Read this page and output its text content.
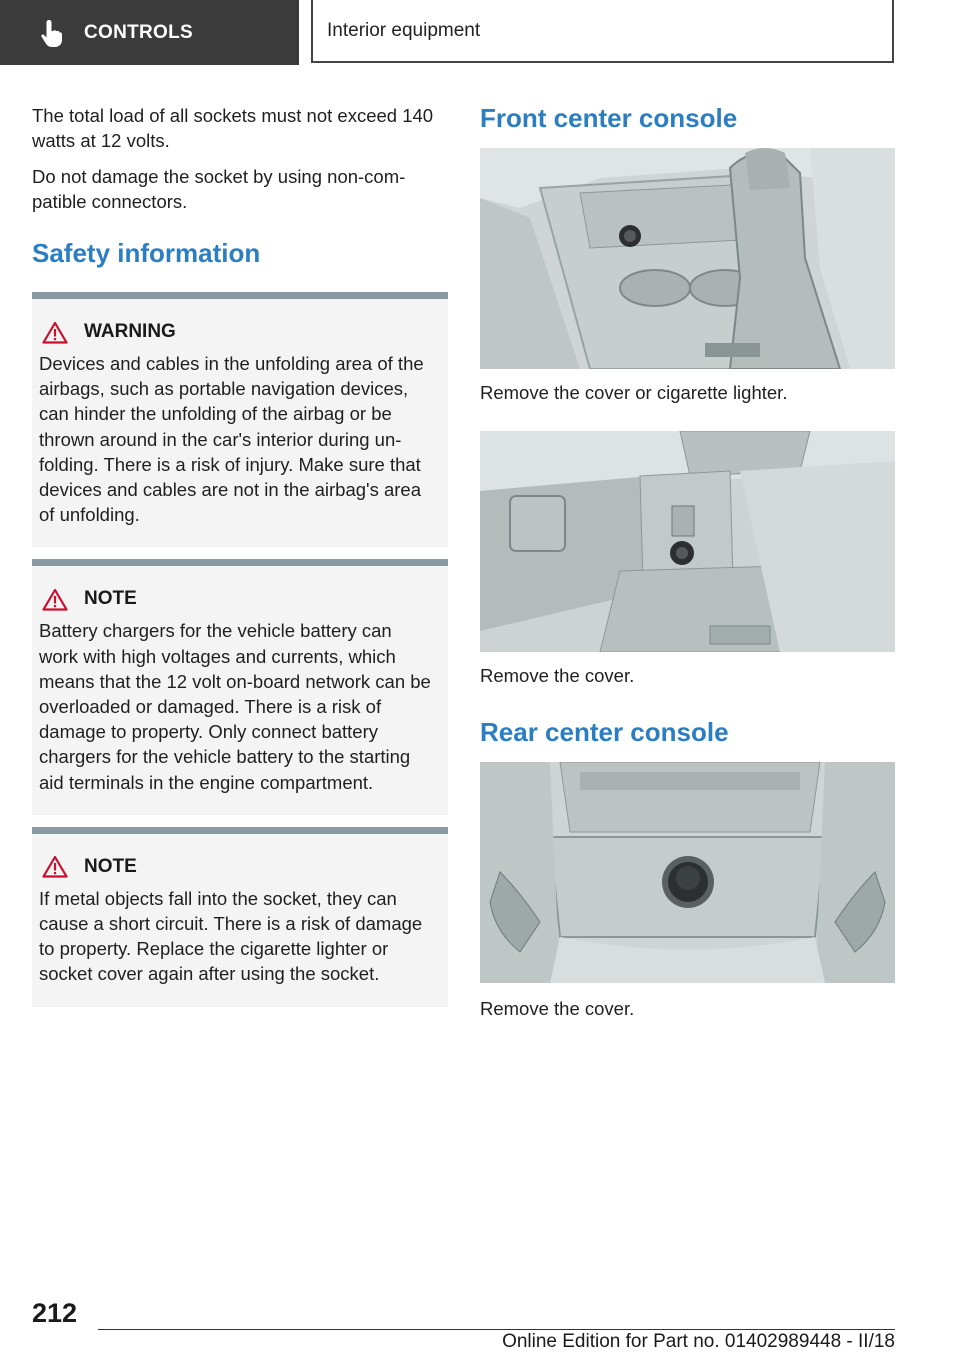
CONTROLS	Interior equipment

The total load of all sockets must not exceed 140 watts at 12 volts.

Do not damage the socket by using non-com-patible connectors.

Safety information
WARNING

Devices and cables in the unfolding area of the airbags, such as portable navigation devices, can hinder the unfolding of the airbag or be thrown around in the car's interior during un-folding. There is a risk of injury. Make sure that devices and cables are not in the airbag's area of unfolding.

NOTE

Battery chargers for the vehicle battery can work with high voltages and currents, which means that the 12 volt on-board network can be overloaded or damaged. There is a risk of damage to property. Only connect battery chargers for the vehicle battery to the starting aid terminals in the engine compartment.

NOTE

If metal objects fall into the socket, they can cause a short circuit. There is a risk of damage to property. Replace the cigarette lighter or socket cover again after using the socket.

Front center console

Remove the cover or cigarette lighter.

Remove the cover.

Rear center console

Remove the cover.

212
Online Edition for Part no. 01402989448 - II/18
